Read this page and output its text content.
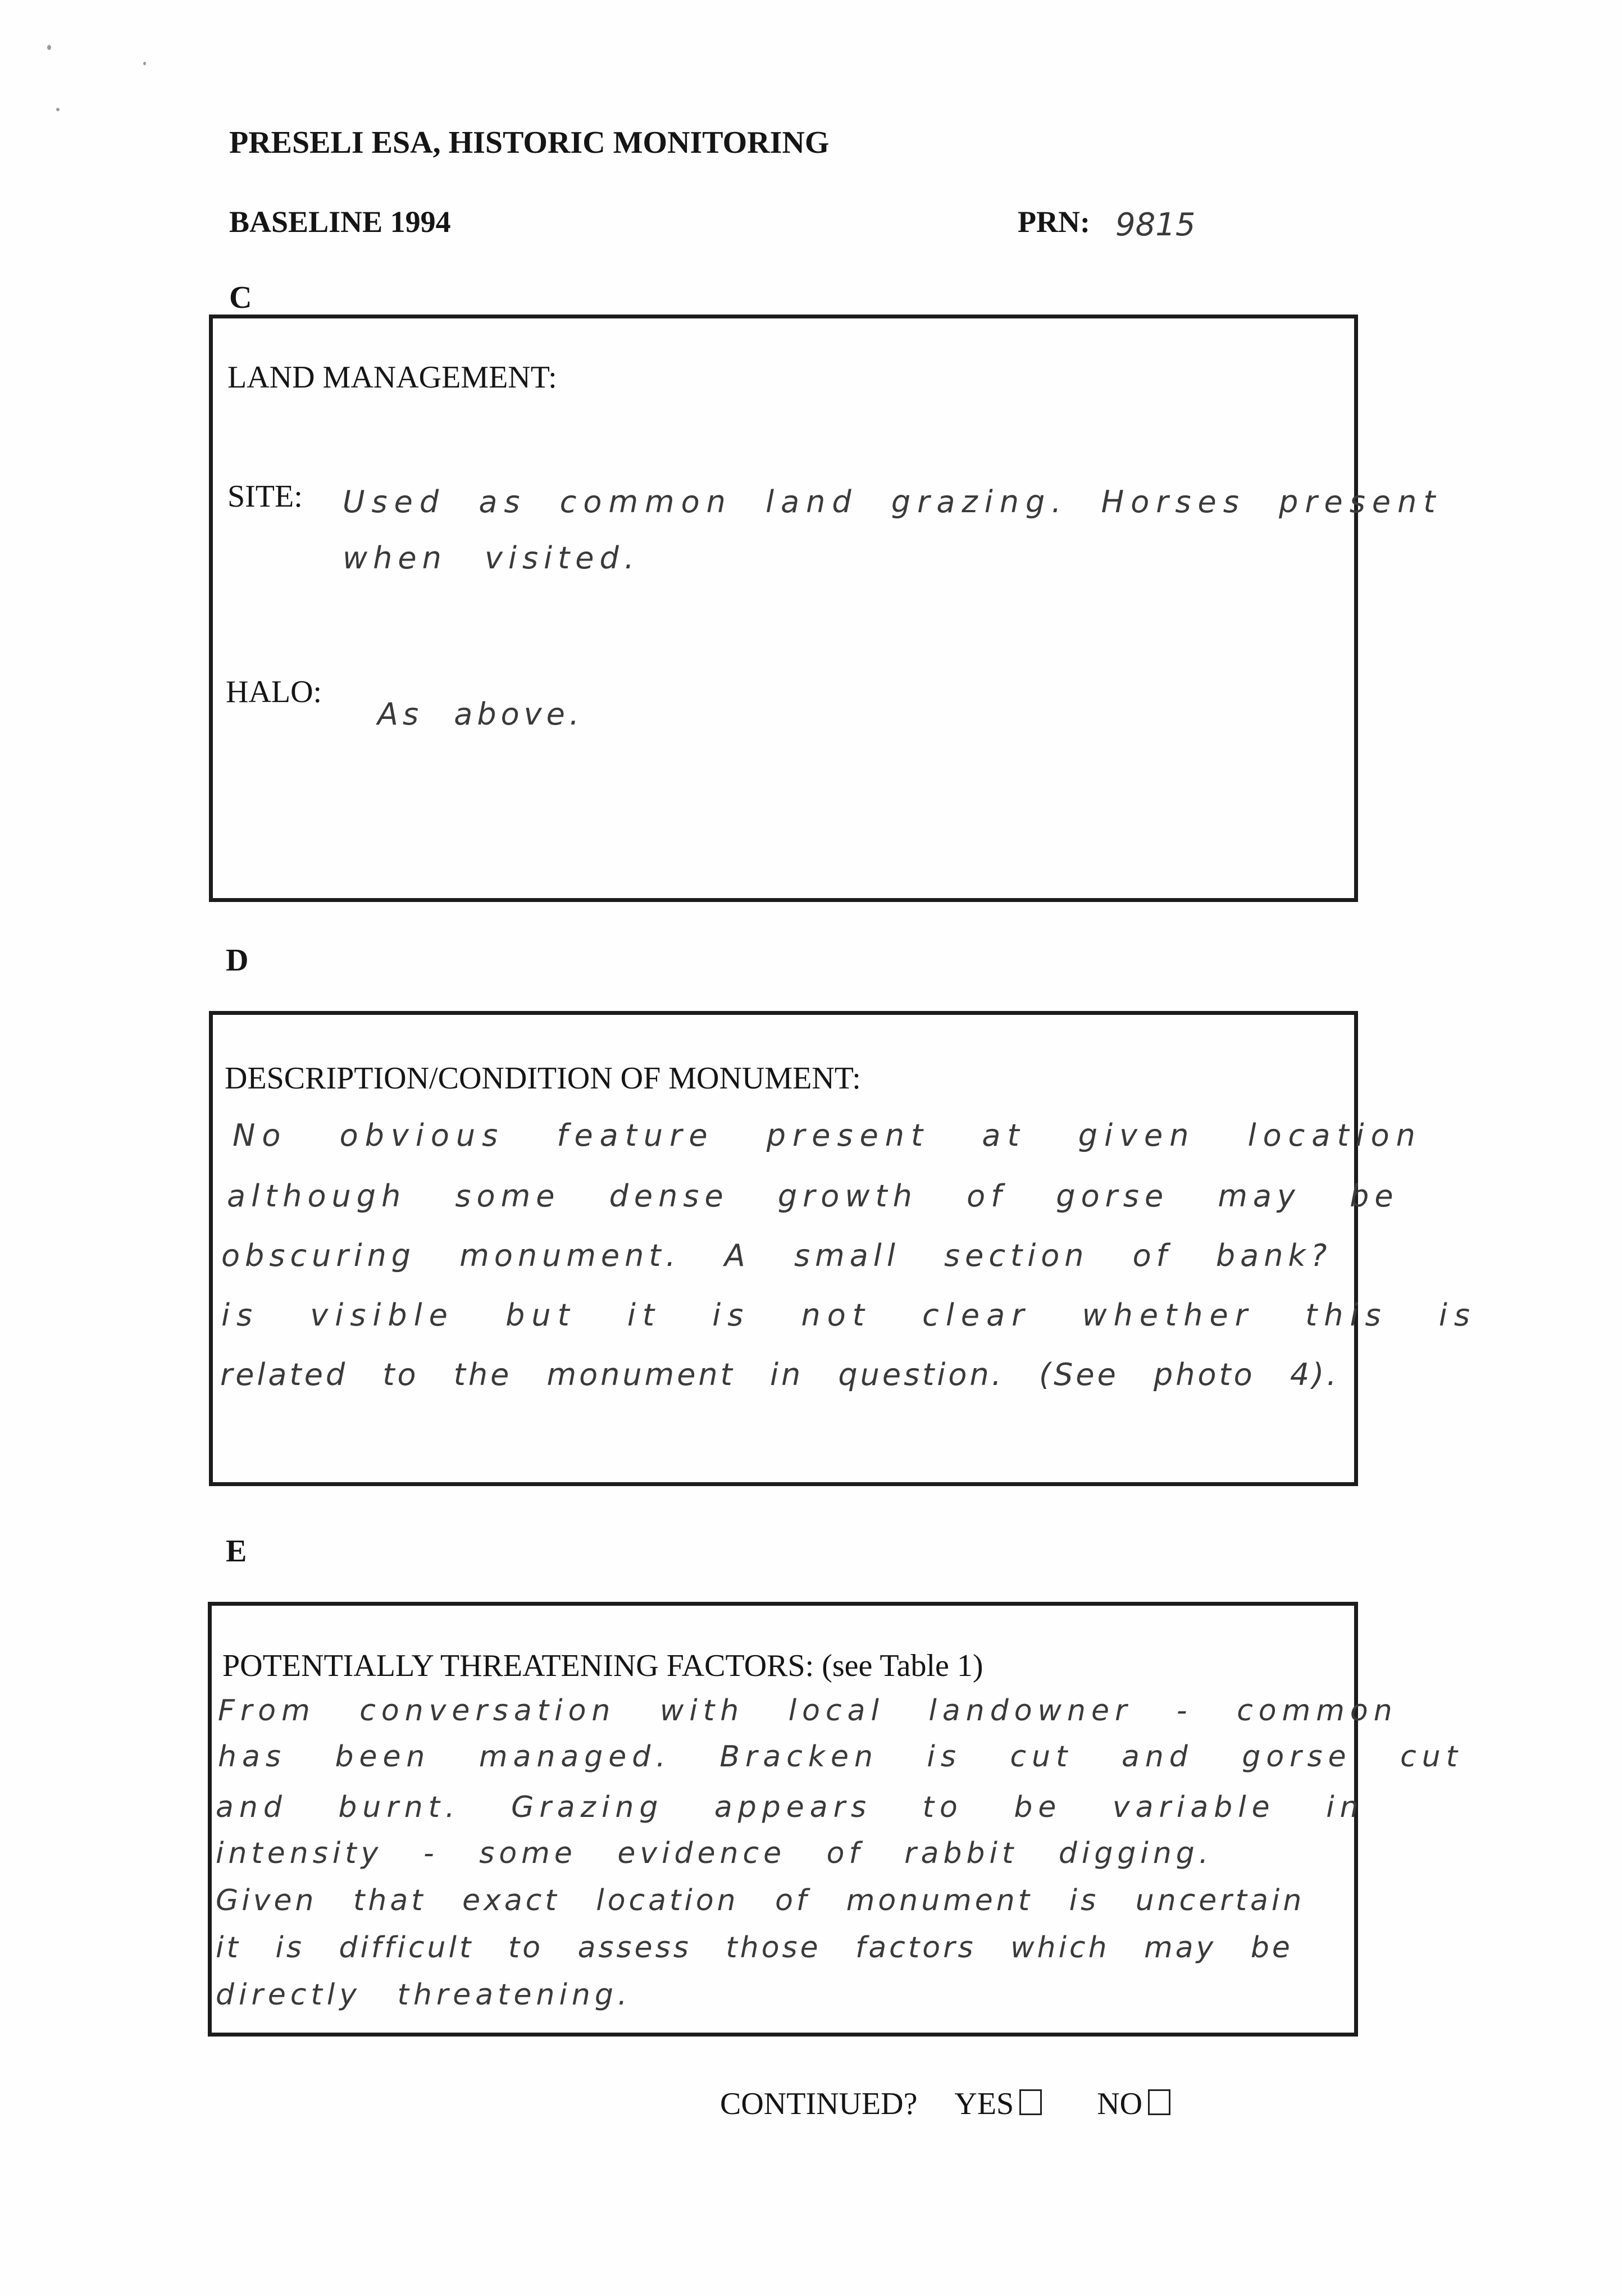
PRESELI ESA, HISTORIC MONITORING
BASELINE 1994	PRN: 9815
C
LAND MANAGEMENT:
SITE: Used as common land grazing. Horses present
when visited.
HALO:
As above.
D
DESCRIPTION/CONDITION OF MONUMENT:
No obvious feature present at given location
although some dense growth of gorse may be
obscuring monument. A small section of bank?
is visible but it is not clear whether this is
related to the monument in question. (See photo 4).
E
POTENTIALLY THREATENING FACTORS: (see Table 1)
From conversation with local landowner - common
has been managed. Bracken is cut and gorse cut
and burnt. Grazing appears to be variable in
intensity - some evidence of rabbit digging.
Given that exact location of monument is uncertain
it is difficult to assess those factors which may be
directly threatening.
CONTINUED? YES	NO
